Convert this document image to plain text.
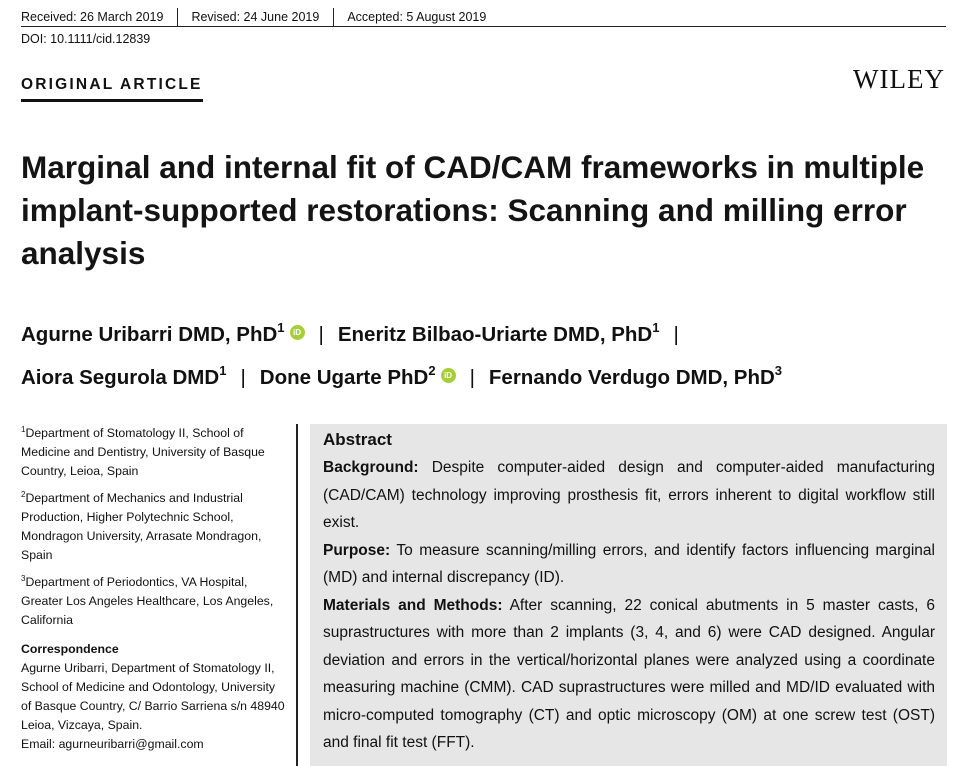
Received: 26 March 2019	Revised: 24 June 2019	Accepted: 5 August 2019
DOI: 10.1111/cid.12839
ORIGINAL ARTICLE	WILEY
Marginal and internal fit of CAD/CAM frameworks in multiple implant-supported restorations: Scanning and milling error analysis
Agurne Uribarri DMD, PhD$^1$ iD | Eneritz Bilbao-Uriarte DMD, PhD$^1$ |
Aiora Segurola DMD$^1$ | Done Ugarte PhD$^2$ iD | Fernando Verdugo DMD, PhD$^3$

$^1$Department of Stomatology II, School of Medicine and Dentistry, University of Basque Country, Leioa, Spain

$^2$Department of Mechanics and Industrial Production, Higher Polytechnic School, Mondragon University, Arrasate Mondragon, Spain

$^3$Department of Periodontics, VA Hospital, Greater Los Angeles Healthcare, Los Angeles, California

Correspondence

Agurne Uribarri, Department of Stomatology II, School of Medicine and Odontology, University of Basque Country, C/ Barrio Sarriena s/n 48940 Leioa, Vizcaya, Spain.

Email: agurneuribarri@gmail.com

Abstract

Background: Despite computer-aided design and computer-aided manufacturing (CAD/CAM) technology improving prosthesis fit, errors inherent to digital workflow still exist.

Purpose: To measure scanning/milling errors, and identify factors influencing marginal (MD) and internal discrepancy (ID).

Materials and Methods: After scanning, 22 conical abutments in 5 master casts, 6 suprastructures with more than 2 implants (3, 4, and 6) were CAD designed. Angular deviation and errors in the vertical/horizontal planes were analyzed using a coordinate measuring machine (CMM). CAD suprastructures were milled and MD/ID evaluated with micro-computed tomography (CT) and optic microscopy (OM) at one screw test (OST) and final fit test (FFT).
